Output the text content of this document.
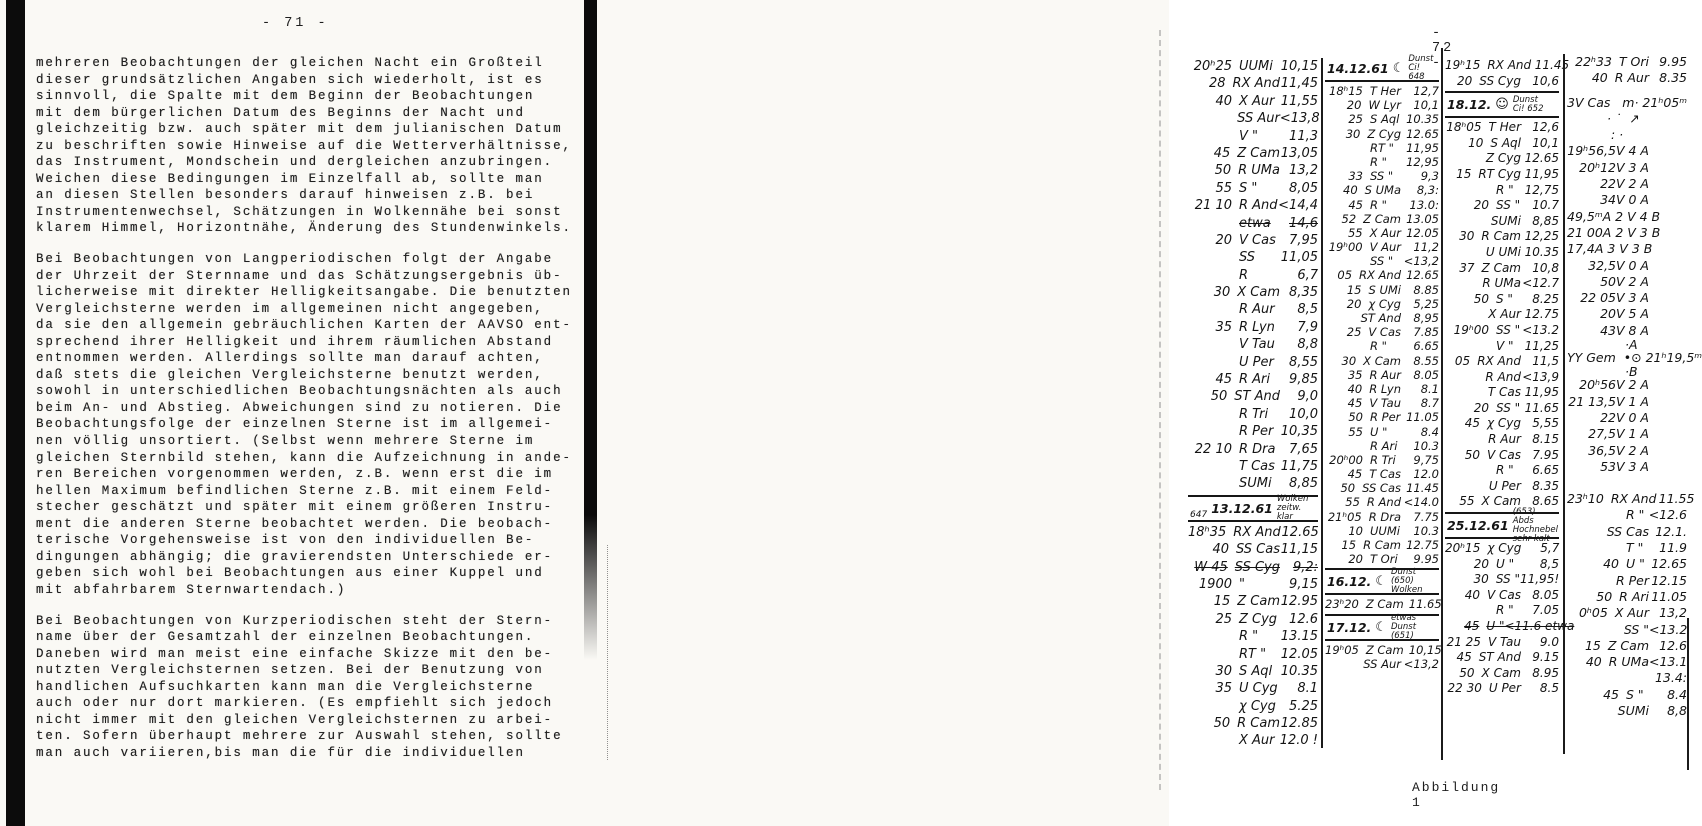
- 71 -
mehreren Beobachtungen der gleichen Nacht ein Großteil
dieser grundsätzlichen Angaben sich wiederholt, ist es
sinnvoll, die Spalte mit dem Beginn der Beobachtungen
mit dem bürgerlichen Datum des Beginns der Nacht und
gleichzeitig bzw. auch später mit dem julianischen Datum
zu beschriften sowie Hinweise auf die Wetterverhältnisse,
das Instrument, Mondschein und dergleichen anzubringen.
Weichen diese Bedingungen im Einzelfall ab, sollte man
an diesen Stellen besonders darauf hinweisen z.B. bei
Instrumentenwechsel, Schätzungen in Wolkennähe bei sonst
klarem Himmel, Horizontnähe, Änderung des Stundenwinkels.
Bei Beobachtungen von Langperiodischen folgt der Angabe
der Uhrzeit der Sternname und das Schätzungsergebnis üb-
licherweise mit direkter Helligkeitsangabe. Die benutzten
Vergleichsterne werden im allgemeinen nicht angegeben,
da sie den allgemein gebräuchlichen Karten der AAVSO ent-
sprechend ihrer Helligkeit und ihrem räumlichen Abstand
entnommen werden. Allerdings sollte man darauf achten,
daß stets die gleichen Vergleichsterne benutzt werden,
sowohl in unterschiedlichen Beobachtungsnächten als auch
beim An- und Abstieg. Abweichungen sind zu notieren. Die
Beobachtungsfolge der einzelnen Sterne ist im allgemei-
nen völlig unsortiert. (Selbst wenn mehrere Sterne im
gleichen Sternbild stehen, kann die Aufzeichnung in ande-
ren Bereichen vorgenommen werden, z.B. wenn erst die im
hellen Maximum befindlichen Sterne z.B. mit einem Feld-
stecher geschätzt und später mit einem größeren Instru-
ment die anderen Sterne beobachtet werden. Die beobach-
terische Vorgehensweise ist von den individuellen Be-
dingungen abhängig; die gravierendsten Unterschiede er-
geben sich wohl bei Beobachtungen aus einer Kuppel und
mit abfahrbarem Sternwartendach.)
Bei Beobachtungen von Kurzperiodischen steht der Stern-
name über der Gesamtzahl der einzelnen Beobachtungen.
Daneben wird man meist eine einfache Skizze mit den be-
nutzten Vergleichsternen setzen. Bei der Benutzung von
handlichen Aufsuchkarten kann man die Vergleichsterne
auch oder nur dort markieren. (Es empfiehlt sich jedoch
nicht immer mit den gleichen Vergleichsternen zu arbei-
ten. Sofern überhaupt mehrere zur Auswahl stehen, sollte
man auch variieren,bis man die für die individuellen
- 72 -
20ʰ25 UUMi 10,15
28 RX And 11,45
40 X Aur 11,55
SS Aur <13,8
V "	11,3
45 Z Cam 13,05
50 R UMa 13,2
55 S "	8,05
21 10 R And <14,4
etwa	14,6
20 V Cas	7,95
SS	11,05
R	6,7
30 X Cam 8,35
R Aur	8,5
35 R Lyn	7,9
V Tau	8,8
U Per	8,55
45 R Ari	9,85
50 ST And	9,0
R Tri	10,0
R Per 10,35
22 10 R Dra	7,65
T Cas 11,75
SUMi	8,85
647 13.12.61
Wolken
zeitw. klar
18ʰ35 RX And 12.65
40 SS Cas 11,15
W 45 SS Cyg 9,2:
1900 "	9,15
15 Z Cam 12.95
25 Z Cyg 12.6
R "	13.15
RT "	12.05
30 S Aql 10.35
35 U Cyg	8.1
χ Cyg	5.25
50 R Cam 12.85
X Aur 12.0 !
14.12.61 ☾
Dunst
Ci! 648
18ʰ15 T Her	12,7
20 W Lyr	10,1
25 S Aql 10.35
30 Z Cyg 12.65
RT "	11,95
R "	12,95
33 SS "	9,3
40 S UMa	8,3:
45 R "	13.0:
52 Z Cam 13.05
55 X Aur 12.05
19ʰ00 V Aur	11,2
SS " <13,2
05 RX And 12.65
15 S UMi	8.85
20 χ Cyg	5,25
ST And	8,95
25 V Cas	7.85
R "	6.65
30 X Cam	8.55
35 R Aur	8.05
40 R Lyn	8.1
45 V Tau	8.7
50 R Per 11.05
55 U "	8.4
R Ari	10.3
20ʰ00 R Tri	9,75
45 T Cas	12.0
50 SS Cas 11.45
55 R And <14.0
21ʰ05 R Dra	7.75
10 UUMi	10.3
15 R Cam 12.75
20 T Ori	9.95
16.12. ☾
Dunst
(650) Wolken
23ʰ20 Z Cam 11.65
17.12. ☾
etwas Dunst
(651)
19ʰ05 Z Cam 10,15
SS Aur <13,2
19ʰ15 RX And 11.45
20 SS Cyg 10,6
18.12. ☺ Dunst
Ci! 652
18ʰ05 T Her 12,6
10 S Aql 10,1
Z Cyg 12.65
15 RT Cyg 11,95
R " 12,75
20 SS "	10.7
SUMi 8,85
30 R Cam 12,25
U UMi 10.35
37 Z Cam 10,8
R UMa <12.7
50 S "	8.25
X Aur 12.75
19ʰ00 SS " <13.2
V " 11,25
05 RX And 11,5
R And <13,9
T Cas 11,95
20 SS " 11.65
45 χ Cyg 5,55
R Aur 8.15
50 V Cas 7.95
R "	6.65
U Per 8.35
55 X Cam 8.65
25.12.61
(653) Abds Hochnebel
sehr kalt
20ʰ15 χ Cyg	5,7
20 U "	8,5
30 SS " 11,95!
40 V Cas 8.05
R "	7.05
45 U " <11.6 etwa
21 25 V Tau	9.0
45 ST And 9.15
50 X Cam 8.95
22 30 U Per	8.5
22ʰ33 T Ori 9.95
40 R Aur 8.35
3V Cas   m· 21ʰ05ᵐ
· ˙  ↗
: ·
19ʰ56,5 V 4 A
20ʰ12 V 3 A
22 V 2 A
34 V 0 A
49,5ᵐ A 2 V 4 B
21 00 A 2 V 3 B
17,4 A 3 V 3 B
32,5 V 0 A
50 V 2 A
22 05 V 3 A
20 V 5 A
43 V 8 A
·A
YY Gem  •⊙ 21ʰ19,5ᵐ
·B
20ʰ56 V 2 A
21 13,5 V 1 A
22 V 0 A
27,5 V 1 A
36,5 V 2 A
53 V 3 A
23ʰ10 RX And 11.55
R " <12.6
SS Cas 12.1.
T "	11.9
40 U " 12.65
R Per 12.15
50 R Ari 11.05
0ʰ05 X Aur 13,2
SS " <13.2
15 Z Cam 12.6
40 R UMa <13.1
13.4:
45 S "	8.4
SUMi	8,8
Abbildung 1
